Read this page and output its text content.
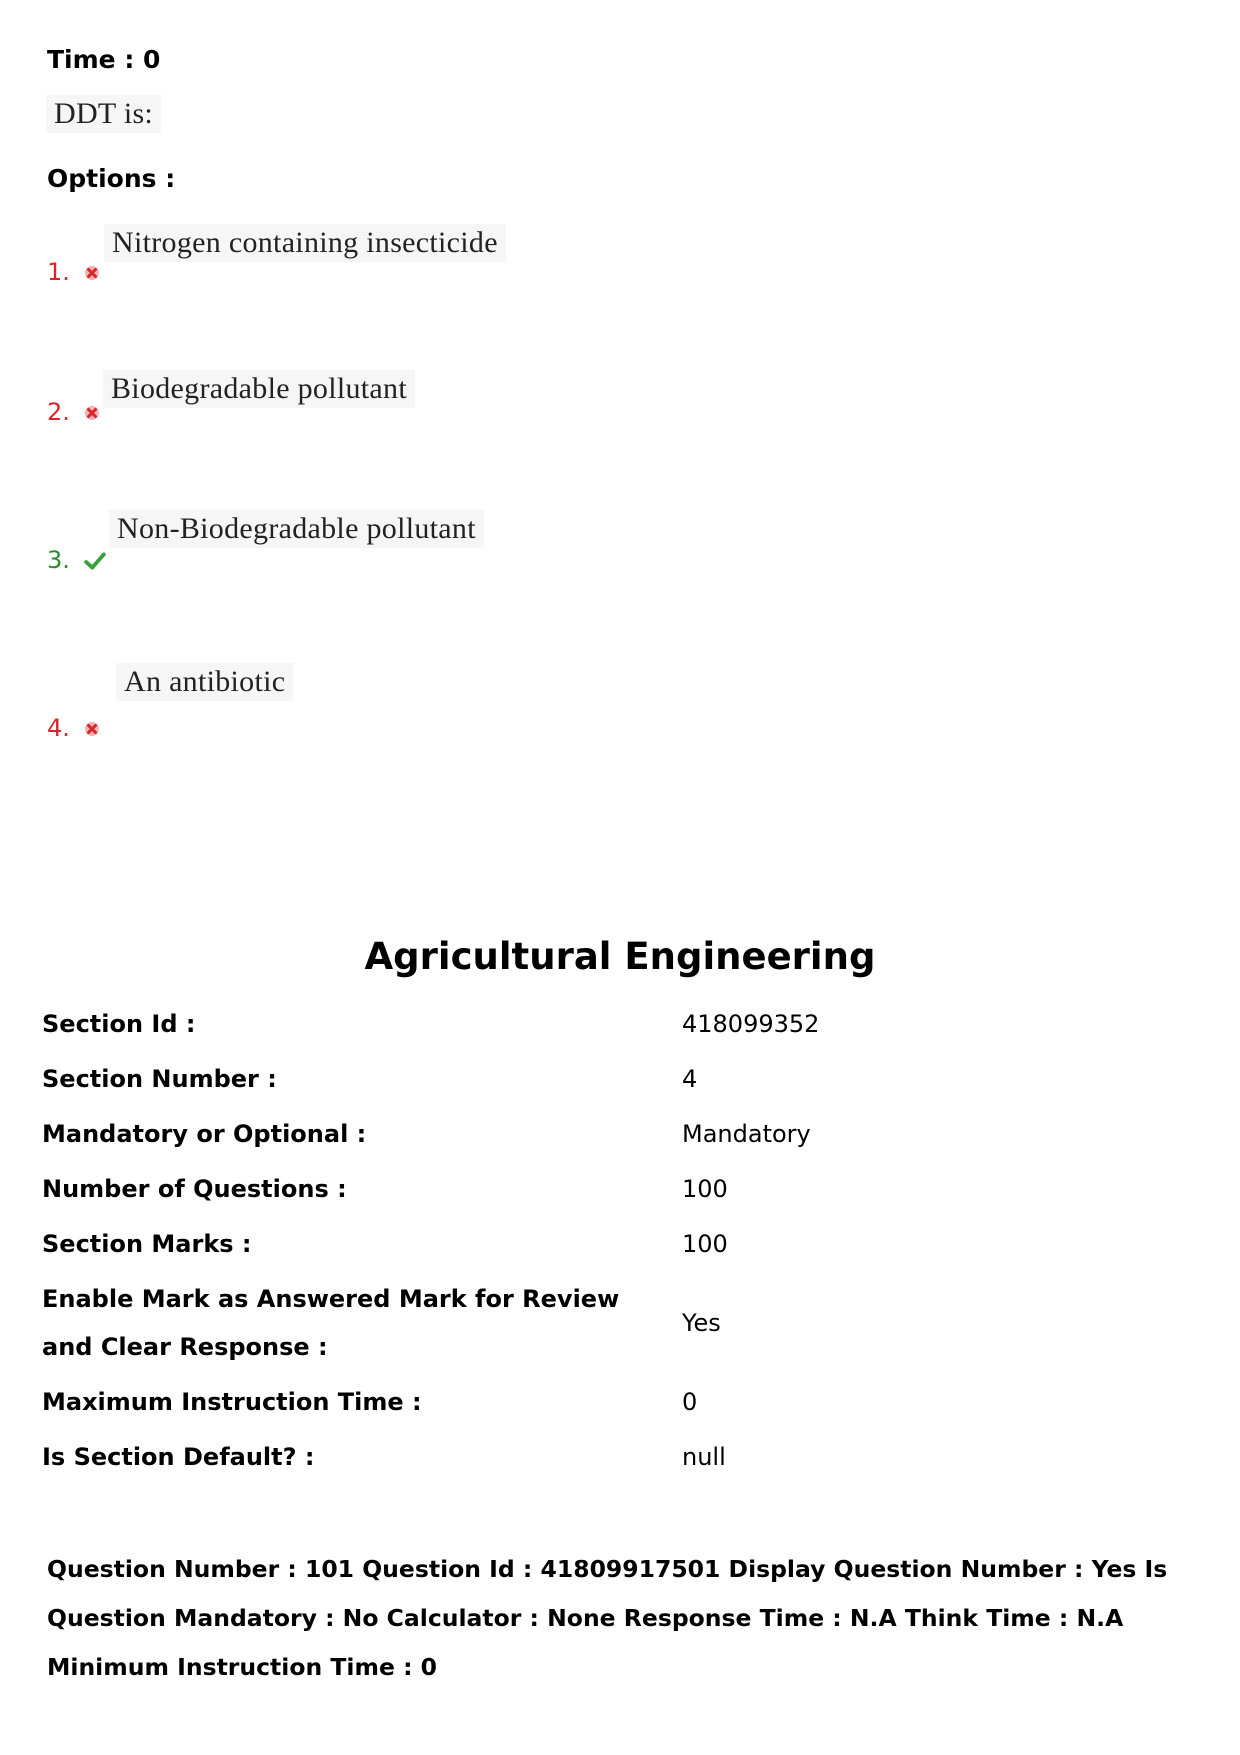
Time : 0
DDT is:
Options :
Nitrogen containing insecticide
1.
Biodegradable pollutant
2.
Non-Biodegradable pollutant
3.
An antibiotic
4.
Agricultural Engineering
Section Id :	418099352
Section Number :	4
Mandatory or Optional :	Mandatory
Number of Questions :	100
Section Marks :	100
Enable Mark as Answered Mark for Review and Clear Response :
Yes
Maximum Instruction Time :	0
Is Section Default? :	null
Question Number : 101 Question Id : 41809917501 Display Question Number : Yes Is Question Mandatory : No Calculator : None Response Time : N.A Think Time : N.A Minimum Instruction Time : 0
